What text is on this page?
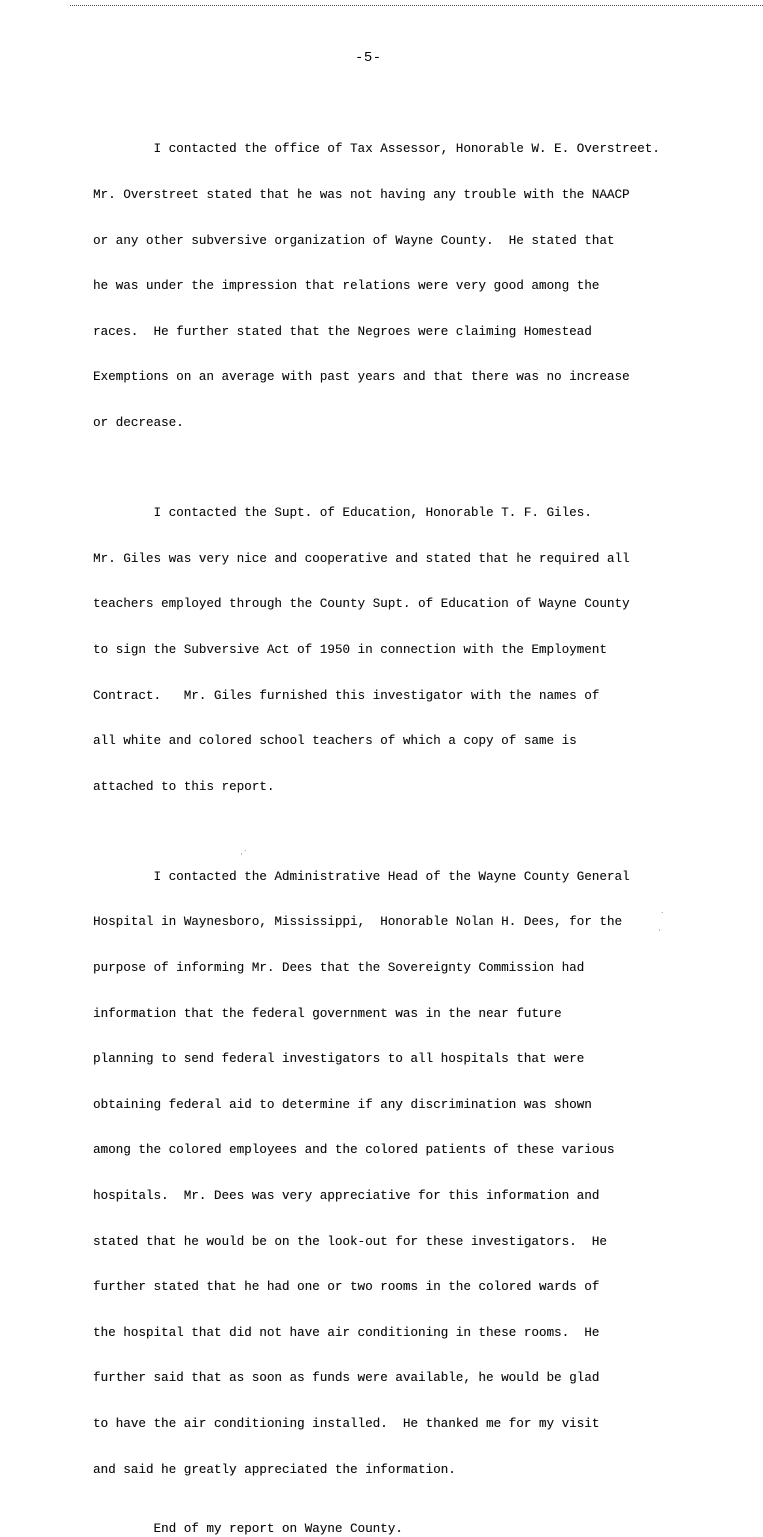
-5-

I contacted the office of Tax Assessor, Honorable W. E. Overstreet.

Mr. Overstreet stated that he was not having any trouble with the NAACP

or any other subversive organization of Wayne County.  He stated that

he was under the impression that relations were very good among the

races.  He further stated that the Negroes were claiming Homestead

Exemptions on an average with past years and that there was no increase

or decrease.

I contacted the Supt. of Education, Honorable T. F. Giles.

Mr. Giles was very nice and cooperative and stated that he required all

teachers employed through the County Supt. of Education of Wayne County

to sign the Subversive Act of 1950 in connection with the Employment

Contract.   Mr. Giles furnished this investigator with the names of

all white and colored school teachers of which a copy of same is

attached to this report.

I contacted the Administrative Head of the Wayne County General

Hospital in Waynesboro, Mississippi,  Honorable Nolan H. Dees, for the

purpose of informing Mr. Dees that the Sovereignty Commission had

information that the federal government was in the near future

planning to send federal investigators to all hospitals that were

obtaining federal aid to determine if any discrimination was shown

among the colored employees and the colored patients of these various

hospitals.  Mr. Dees was very appreciative for this information and

stated that he would be on the look-out for these investigators.  He

further stated that he had one or two rooms in the colored wards of

the hospital that did not have air conditioning in these rooms.  He

further said that as soon as funds were available, he would be glad

to have the air conditioning installed.  He thanked me for my visit

and said he greatly appreciated the information.

End of my report on Wayne County.
·˙
˙
·
